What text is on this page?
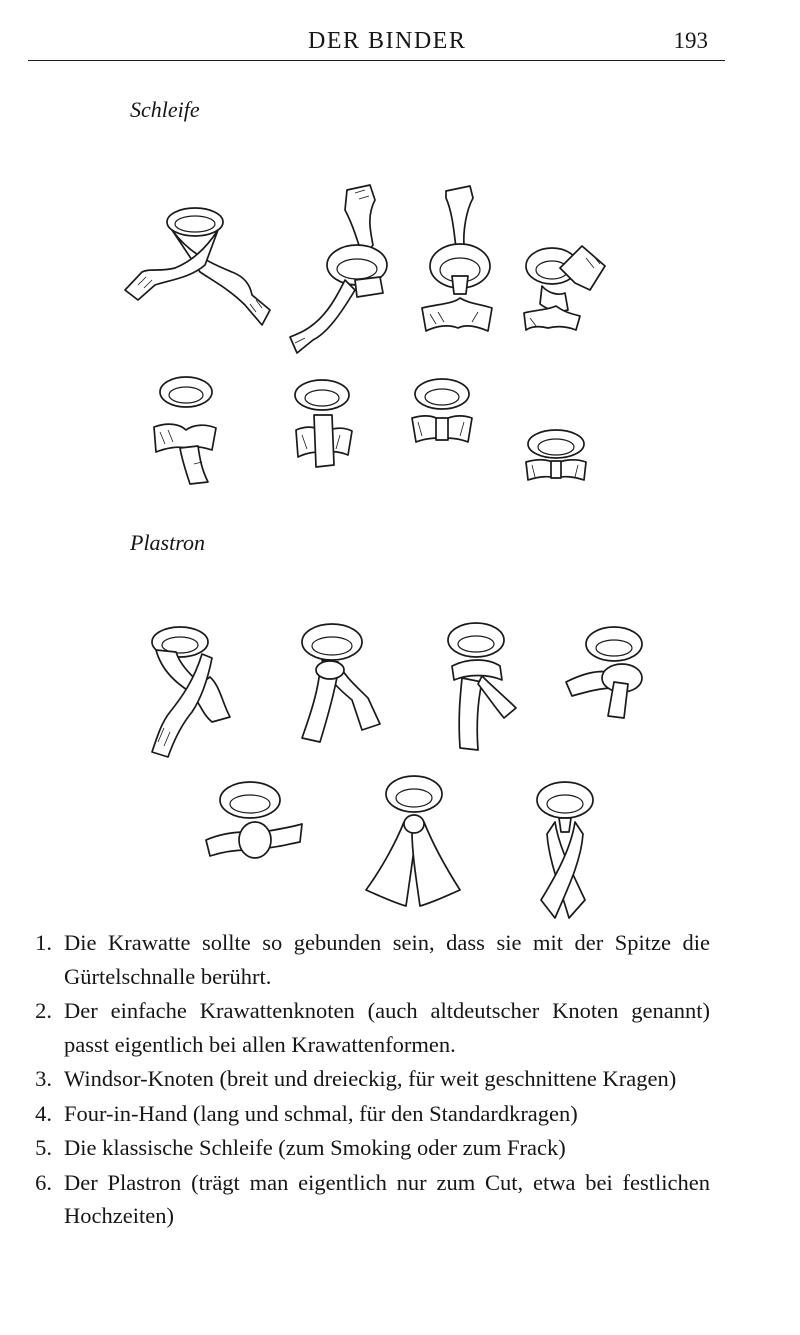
DER BINDER	193
Schleife
Plastron
1. Die Krawatte sollte so gebunden sein, dass sie mit der Spitze die Gürtelschnalle berührt.
2. Der einfache Krawattenknoten (auch altdeutscher Knoten genannt) passt eigentlich bei allen Krawattenformen.
3. Windsor-Knoten (breit und dreieckig, für weit geschnittene Kragen)
4. Four-in-Hand (lang und schmal, für den Standardkragen)
5. Die klassische Schleife (zum Smoking oder zum Frack)
6. Der Plastron (trägt man eigentlich nur zum Cut, etwa bei festlichen Hochzeiten)
